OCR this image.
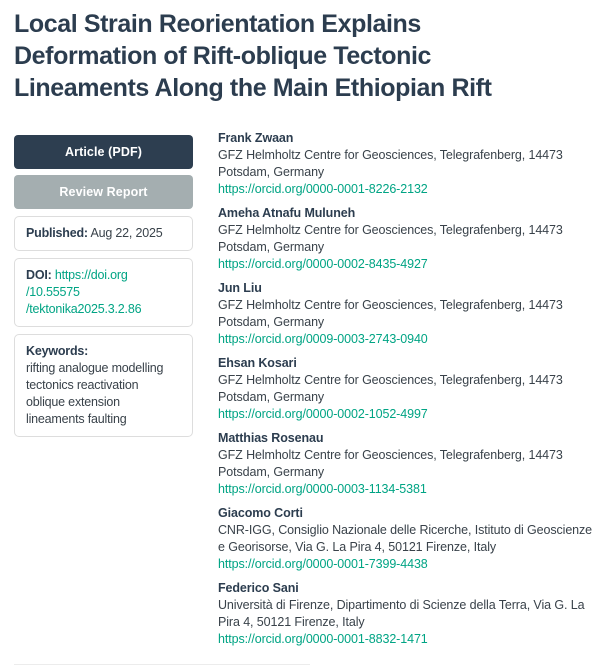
Local Strain Reorientation Explains Deformation of Rift-oblique Tectonic Lineaments Along the Main Ethiopian Rift
Article (PDF)
Review Report
Published: Aug 22, 2025
DOI: https://doi.org
/10.55575
/tektonika2025.3.2.86
Keywords:
rifting analogue modelling tectonics reactivation oblique extension lineaments faulting
Frank Zwaan
GFZ Helmholtz Centre for Geosciences, Telegrafenberg, 14473 Potsdam, Germany
https://orcid.org/0000-0001-8226-2132
Ameha Atnafu Muluneh
GFZ Helmholtz Centre for Geosciences, Telegrafenberg, 14473 Potsdam, Germany
https://orcid.org/0000-0002-8435-4927
Jun Liu
GFZ Helmholtz Centre for Geosciences, Telegrafenberg, 14473 Potsdam, Germany
https://orcid.org/0009-0003-2743-0940
Ehsan Kosari
GFZ Helmholtz Centre for Geosciences, Telegrafenberg, 14473 Potsdam, Germany
https://orcid.org/0000-0002-1052-4997
Matthias Rosenau
GFZ Helmholtz Centre for Geosciences, Telegrafenberg, 14473 Potsdam, Germany
https://orcid.org/0000-0003-1134-5381
Giacomo Corti
CNR-IGG, Consiglio Nazionale delle Ricerche, Istituto di Geoscienze e Georisorse, Via G. La Pira 4, 50121 Firenze, Italy
https://orcid.org/0000-0001-7399-4438
Federico Sani
Università di Firenze, Dipartimento di Scienze della Terra, Via G. La Pira 4, 50121 Firenze, Italy
https://orcid.org/0000-0001-8832-1471
